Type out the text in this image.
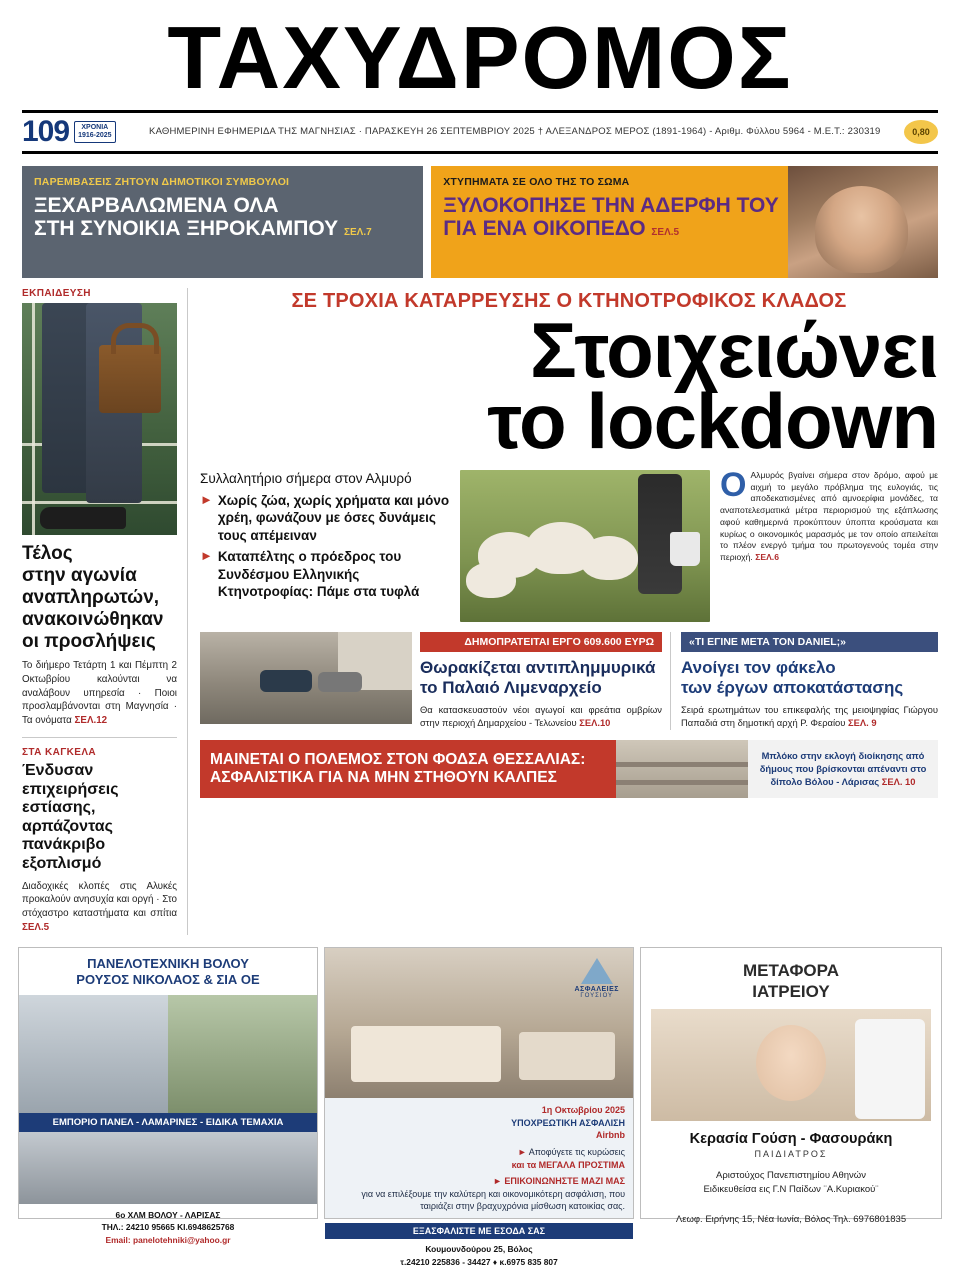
ΤΑΧΥΔΡΟΜΟΣ
109	ΧΡΟΝΙΑ
1916-2025	ΚΑΘΗΜΕΡΙΝΗ ΕΦΗΜΕΡΙΔΑ ΤΗΣ ΜΑΓΝΗΣΙΑΣ · ΠΑΡΑΣΚΕΥΗ 26 ΣΕΠΤΕΜΒΡΙΟΥ 2025 † ΑΛΕΞΑΝΔΡΟΣ ΜΕΡΟΣ (1891-1964) - Αριθμ. Φύλλου 5964 - Μ.Ε.Τ.: 230319	0,80
ΠΑΡΕΜΒΑΣΕΙΣ ΖΗΤΟΥΝ ΔΗΜΟΤΙΚΟΙ ΣΥΜΒΟΥΛΟΙ
ΞΕΧΑΡΒΑΛΩΜΕΝΑ ΟΛΑ
ΣΤΗ ΣΥΝΟΙΚΙΑ ΞΗΡΟΚΑΜΠΟΥ ΣΕΛ.7
ΧΤΥΠΗΜΑΤΑ ΣΕ ΟΛΟ ΤΗΣ ΤΟ ΣΩΜΑ
ΞΥΛΟΚΟΠΗΣΕ ΤΗΝ ΑΔΕΡΦΗ ΤΟΥ
ΓΙΑ ΕΝΑ ΟΙΚΟΠΕΔΟ ΣΕΛ.5
ΕΚΠΑΙΔΕΥΣΗ
Τέλος
στην αγωνία
αναπληρωτών,
ανακοινώθηκαν
οι προσλήψεις
Το διήμερο Τετάρτη 1 και Πέμπτη 2 Οκτωβρίου καλούνται να αναλάβουν υπηρεσία · Ποιοι προσλαμβάνονται στη Μαγνησία · Τα ονόματα ΣΕΛ.12
ΣΤΑ ΚΑΓΚΕΛΑ
Ένδυσαν
επιχειρήσεις
εστίασης, αρπάζοντας
πανάκριβο εξοπλισμό
Διαδοχικές κλοπές στις Αλυκές προκαλούν ανησυχία και οργή · Στο στόχαστρο καταστήματα και σπίτια ΣΕΛ.5
ΣΕ ΤΡΟΧΙΑ ΚΑΤΑΡΡΕΥΣΗΣ Ο ΚΤΗΝΟΤΡΟΦΙΚΟΣ ΚΛΑΔΟΣ
Στοιχειώνει
το lockdown
Συλλαλητήριο σήμερα στον Αλμυρό
► Χωρίς ζώα, χωρίς χρήματα και μόνο χρέη, φωνάζουν με όσες δυνάμεις τους απέμειναν
► Καταπέλτης ο πρόεδρος του Συνδέσμου Ελληνικής Κτηνοτροφίας: Πάμε στα τυφλά
Ο Αλμυρός βγαίνει σήμερα στον δρόμο, αφού με αιχμή το μεγάλο πρόβλημα της ευλογιάς, τις αποδεκατισμένες από αμνοερίφια μονάδες, τα αναποτελεσματικά μέτρα περιορισμού της εξάπλωσης αφού καθημερινά προκύπτουν ύποπτα κρούσματα και κυρίως ο οικονομικός μαρασμός με τον οποίο απειλείται το πλέον ενεργό τμήμα του πρωτογενούς τομέα στην περιοχή. ΣΕΛ.6
ΔΗΜΟΠΡΑΤΕΙΤΑΙ ΕΡΓΟ 609.600 ΕΥΡΩ
Θωρακίζεται αντιπλημμυρικά
το Παλαιό Λιμεναρχείο
Θα κατασκευαστούν νέοι αγωγοί και φρεάτια ομβρίων στην περιοχή Δημαρχείου - Τελωνείου ΣΕΛ.10
«ΤΙ ΕΓΙΝΕ ΜΕΤΑ ΤΟΝ DANIEL;»
Ανοίγει τον φάκελο
των έργων αποκατάστασης
Σειρά ερωτημάτων του επικεφαλής της μειοψηφίας Γιώργου Παπαδιά στη δημοτική αρχή Ρ. Φεραίου ΣΕΛ. 9
ΜΑΙΝΕΤΑΙ Ο ΠΟΛΕΜΟΣ ΣΤΟΝ ΦΟΔΣΑ ΘΕΣΣΑΛΙΑΣ:
ΑΣΦΑΛΙΣΤΙΚΑ ΓΙΑ ΝΑ ΜΗΝ ΣΤΗΘΟΥΝ ΚΑΛΠΕΣ

Μπλόκο στην εκλογή διοίκησης από δήμους που βρίσκονται απέναντι στο δίπολο Βόλου - Λάρισας ΣΕΛ. 10

ΠΑΝΕΛΟΤΕΧΝΙΚΗ ΒΟΛΟΥ
ΡΟΥΣΟΣ ΝΙΚΟΛΑΟΣ & ΣΙΑ ΟΕ
ΕΜΠΟΡΙΟ ΠΑΝΕΛ - ΛΑΜΑΡΙΝΕΣ - ΕΙΔΙΚΑ ΤΕΜΑΧΙΑ
6ο ΧΛΜ ΒΟΛΟΥ - ΛΑΡΙΣΑΣ
ΤΗΛ.: 24210 95665 ΚΙ.6948625768
Email: panelotehniki@yahoo.gr
ΑΣΦΑΛΕΙΕΣ
ΓΟΥΣΙΟΥ
1η Οκτωβρίου 2025
ΥΠΟΧΡΕΩΤΙΚΗ ΑΣΦΑΛΙΣΗ
Airbnb
► Αποφύγετε τις κυρώσεις
και τα ΜΕΓΑΛΑ ΠΡΟΣΤΙΜΑ
► ΕΠΙΚΟΙΝΩΝΗΣΤΕ ΜΑΖΙ ΜΑΣ
για να επιλέξουμε την καλύτερη και οικονομικότερη ασφάλιση, που ταιριάζει στην βραχυχρόνια μίσθωση κατοικίας σας.
ΕΞΑΣΦΑΛΙΣΤΕ ΜΕ ΕΣΟΔΑ ΣΑΣ
Κουμουνδούρου 25, Βόλος
τ.24210 225836 - 34427 ♦ κ.6975 835 807
ΜΕΤΑΦΟΡΑ
ΙΑΤΡΕΙΟΥ
Κερασία Γούση - Φασουράκη
ΠΑΙΔΙΑΤΡΟΣ
Αριστούχος Πανεπιστημίου Αθηνών
Ειδικευθείσα εις Γ.Ν Παίδων ¨Α.Κυριακού¨
Λεωφ. Ειρήνης 15, Νέα Ιωνία, Βόλος Τηλ. 6976801835
